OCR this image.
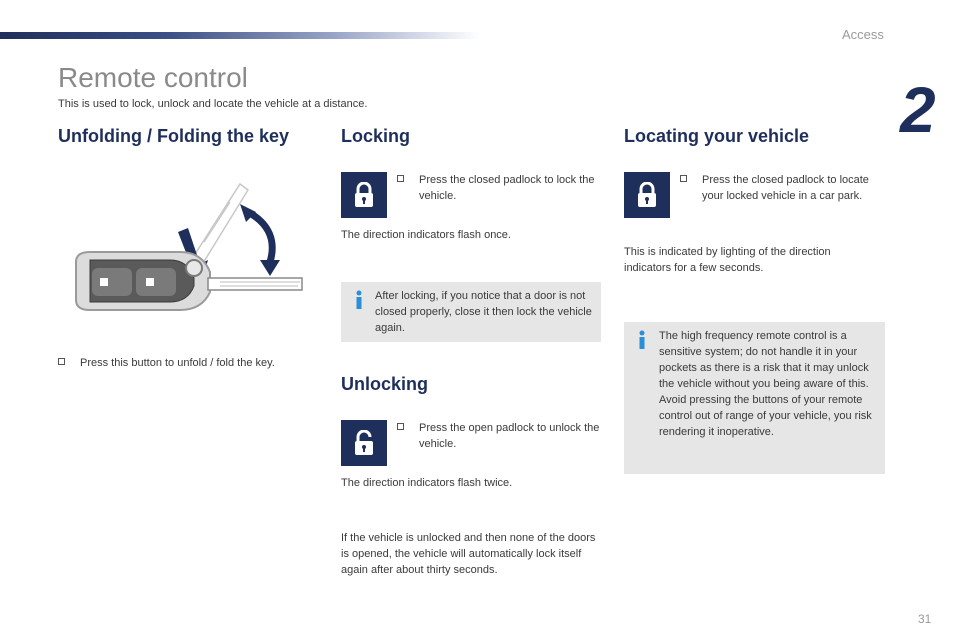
Access
2
Remote control
This is used to lock, unlock and locate the vehicle at a distance.
Unfolding / Folding the key
Press this button to unfold / fold the key.
Locking
Press the closed padlock to lock the vehicle.
The direction indicators flash once.
After locking, if you notice that a door is not closed properly, close it then lock the vehicle again.
Unlocking
Press the open padlock to unlock the vehicle.
The direction indicators flash twice.
If the vehicle is unlocked and then none of the doors is opened, the vehicle will automatically lock itself again after about thirty seconds.
Locating your vehicle
Press the closed padlock to locate your locked vehicle in a car park.
This is indicated by lighting of the direction indicators for a few seconds.
The high frequency remote control is a sensitive system; do not handle it in your pockets as there is a risk that it may unlock the vehicle without you being aware of this.
Avoid pressing the buttons of your remote control out of range of your vehicle, you risk rendering it inoperative.
31
